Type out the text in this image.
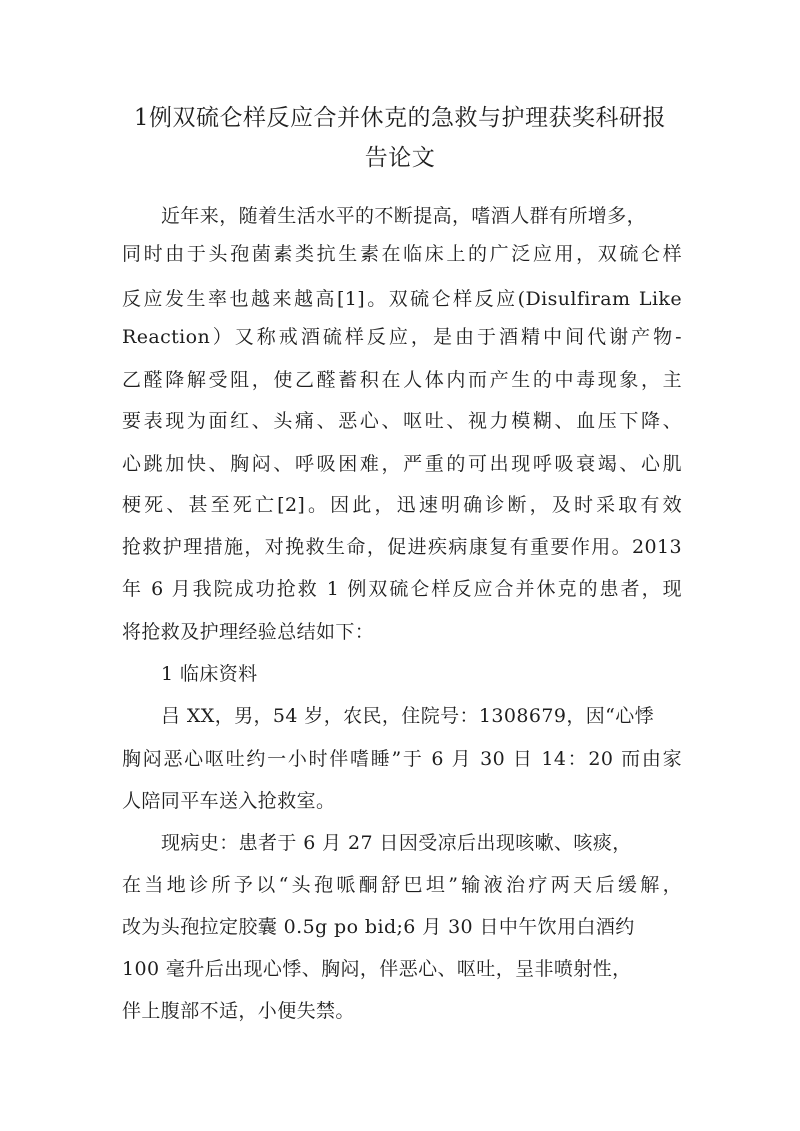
1例双硫仑样反应合并休克的急救与护理获奖科研报
告论文
近年来，随着生活水平的不断提高，嗜酒人群有所增多，
同时由于头孢菌素类抗生素在临床上的广泛应用，双硫仑样
反应发生率也越来越高[1]。双硫仑样反应(Disulfiram Like
Reaction）又称戒酒硫样反应，是由于酒精中间代谢产物-
乙醛降解受阻，使乙醛蓄积在人体内而产生的中毒现象，主
要表现为面红、头痛、恶心、呕吐、视力模糊、血压下降、
心跳加快、胸闷、呼吸困难，严重的可出现呼吸衰竭、心肌
梗死、甚至死亡[2]。因此，迅速明确诊断，及时采取有效
抢救护理措施，对挽救生命，促进疾病康复有重要作用。2013
年 6 月我院成功抢救 1 例双硫仑样反应合并休克的患者，现
将抢救及护理经验总结如下：
1 临床资料
吕 XX，男，54 岁，农民，住院号：1308679，因“心悸
胸闷恶心呕吐约一小时伴嗜睡”于 6 月 30 日 14：20 而由家
人陪同平车送入抢救室。
现病史：患者于 6 月 27 日因受凉后出现咳嗽、咳痰，
在当地诊所予以“头孢哌酮舒巴坦”输液治疗两天后缓解，
改为头孢拉定胶囊 0.5g po bid;6 月 30 日中午饮用白酒约
100 毫升后出现心悸、胸闷，伴恶心、呕吐，呈非喷射性，
伴上腹部不适，小便失禁。
